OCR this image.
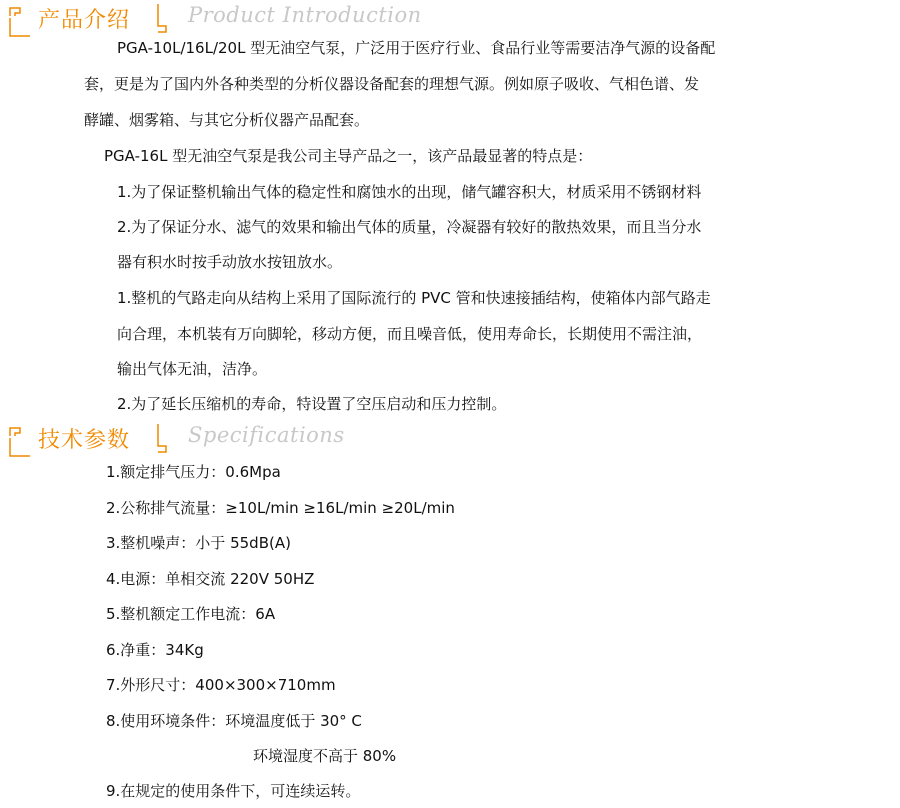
产品介绍	Product Introduction
PGA-10L/16L/20L 型无油空气泵，广泛用于医疗行业、食品行业等需要洁净气源的设备配
套，更是为了国内外各种类型的分析仪器设备配套的理想气源。例如原子吸收、气相色谱、发
酵罐、烟雾箱、与其它分析仪器产品配套。
PGA-16L 型无油空气泵是我公司主导产品之一，该产品最显著的特点是：
1.为了保证整机输出气体的稳定性和腐蚀水的出现，储气罐容积大，材质采用不锈钢材料
2.为了保证分水、滤气的效果和输出气体的质量，冷凝器有较好的散热效果，而且当分水
器有积水时按手动放水按钮放水。
1.整机的气路走向从结构上采用了国际流行的 PVC 管和快速接插结构，使箱体内部气路走
向合理，本机装有万向脚轮，移动方便，而且噪音低，使用寿命长，长期使用不需注油，
输出气体无油，洁净。
2.为了延长压缩机的寿命，特设置了空压启动和压力控制。
技术参数	Specifications
1.额定排气压力：0.6Mpa
2.公称排气流量：≥10L/min ≥16L/min ≥20L/min
3.整机噪声：小于 55dB(A)
4.电源：单相交流 220V 50HZ
5.整机额定工作电流：6A
6.净重：34Kg
7.外形尺寸：400×300×710mm
8.使用环境条件：环境温度低于 30° C
环境湿度不高于 80%
9.在规定的使用条件下，可连续运转。
